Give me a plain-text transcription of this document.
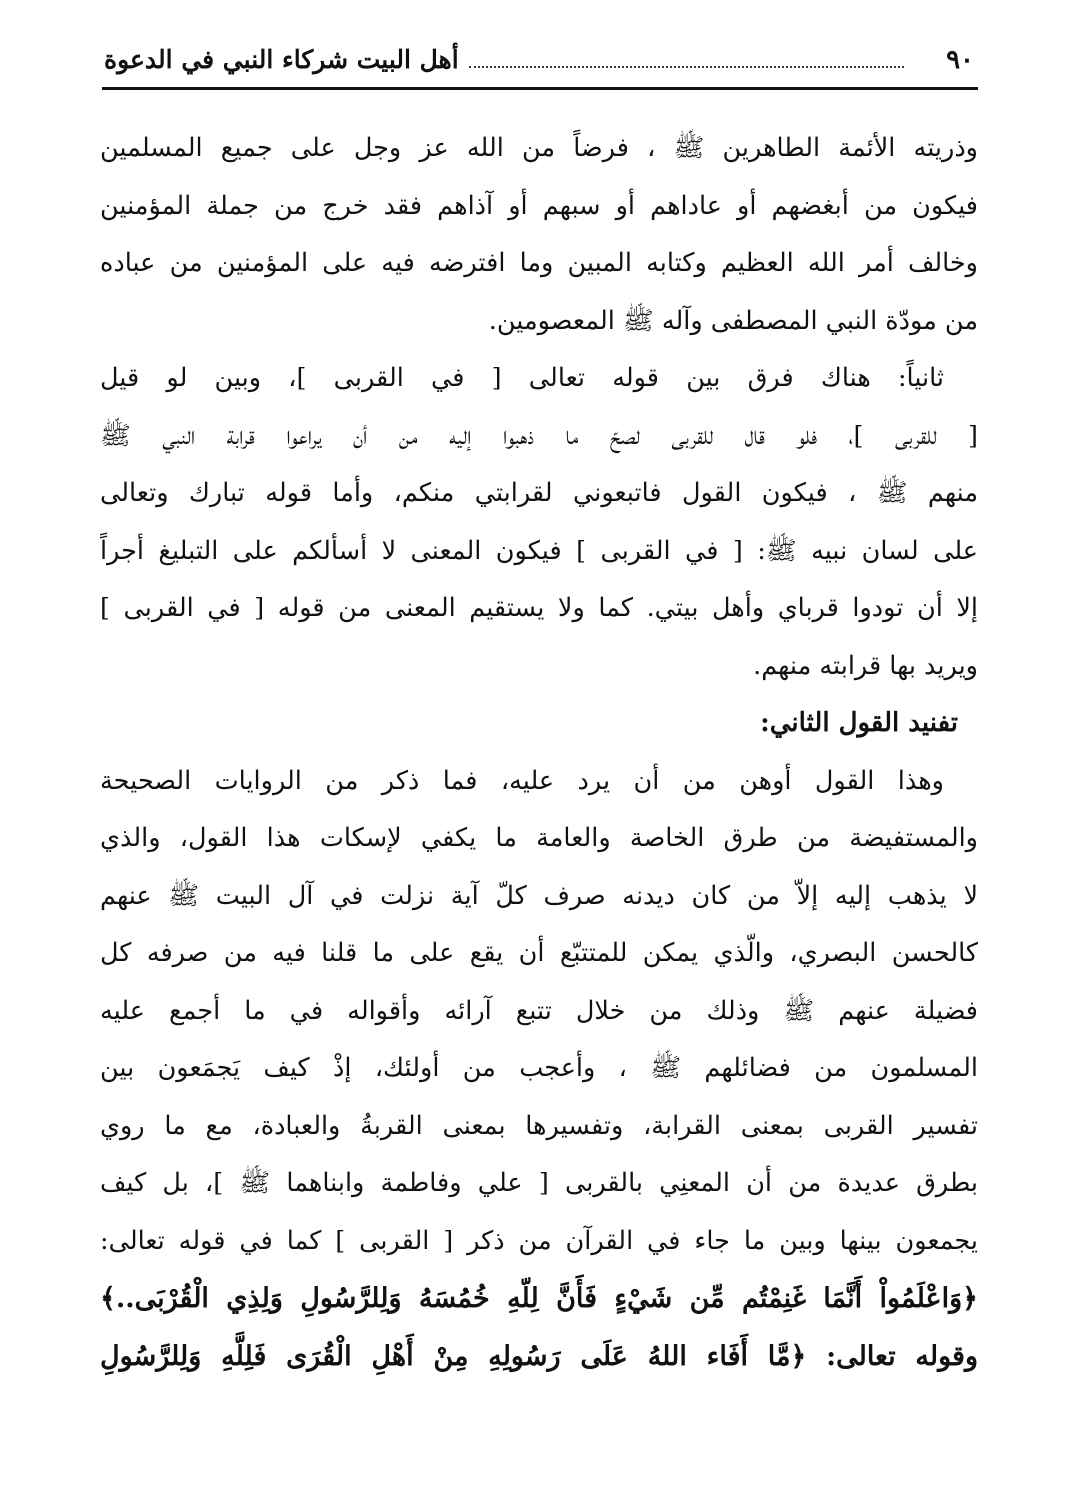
٩٠
أهل البيت شركاء النبي في الدعوة
وذريته الأئمة الطاهرين ﷺ ، فرضاً من الله عز وجل على جميع المسلمين
فيكون من أبغضهم أو عاداهم أو سبهم أو آذاهم فقد خرج من جملة المؤمنين
وخالف أمر الله العظيم وكتابه المبين وما افترضه فيه على المؤمنين من عباده
من مودّة النبي المصطفى وآله ﷺ المعصومين.
ثانياً: هناك فرق بين قوله تعالى [ في القربى ]، وبين لو قيل
[ للقربى ]، فلو قال للقربى لصحّ ما ذهبوا إليه من أن يراعوا قرابة النبي ﷺ
منهم ﷺ ، فيكون القول فاتبعوني لقرابتي منكم، وأما قوله تبارك وتعالى
على لسان نبيه ﷺ: [ في القربى ] فيكون المعنى لا أسألكم على التبليغ أجراً
إلا أن تودوا قرباي وأهل بيتي. كما ولا يستقيم المعنى من قوله [ في القربى ]
ويريد بها قرابته منهم.
تفنيد القول الثاني:
وهذا القول أوهن من أن يرد عليه، فما ذكر من الروايات الصحيحة
والمستفيضة من طرق الخاصة والعامة ما يكفي لإسكات هذا القول، والذي
لا يذهب إليه إلاّ من كان ديدنه صرف كلّ آية نزلت في آل البيت ﷺ عنهم
كالحسن البصري، والّذي يمكن للمتتبّع أن يقع على ما قلنا فيه من صرفه كل
فضيلة عنهم ﷺ وذلك من خلال تتبع آرائه وأقواله في ما أجمع عليه
المسلمون من فضائلهم ﷺ ، وأعجب من أولئك، إذْ كيف يَجمَعون بين
تفسير القربى بمعنى القرابة، وتفسيرها بمعنى القربةُ والعبادة، مع ما روي
بطرق عديدة من أن المعنِي بالقربى [ علي وفاطمة وابناهما ﷺ ]، بل كيف
يجمعون بينها وبين ما جاء في القرآن من ذكر [ القربى ] كما في قوله تعالى:
﴿وَاعْلَمُواْ أَنَّمَا غَنِمْتُم مِّن شَيْءٍ فَأَنَّ لِلّهِ خُمُسَهُ وَلِلرَّسُولِ وَلِذِي الْقُرْبَى..﴾
وقوله تعالى: ﴿مَّا أَفَاء اللهُ عَلَى رَسُولِهِ مِنْ أَهْلِ الْقُرَى فَلِلَّهِ وَلِلرَّسُولِ
